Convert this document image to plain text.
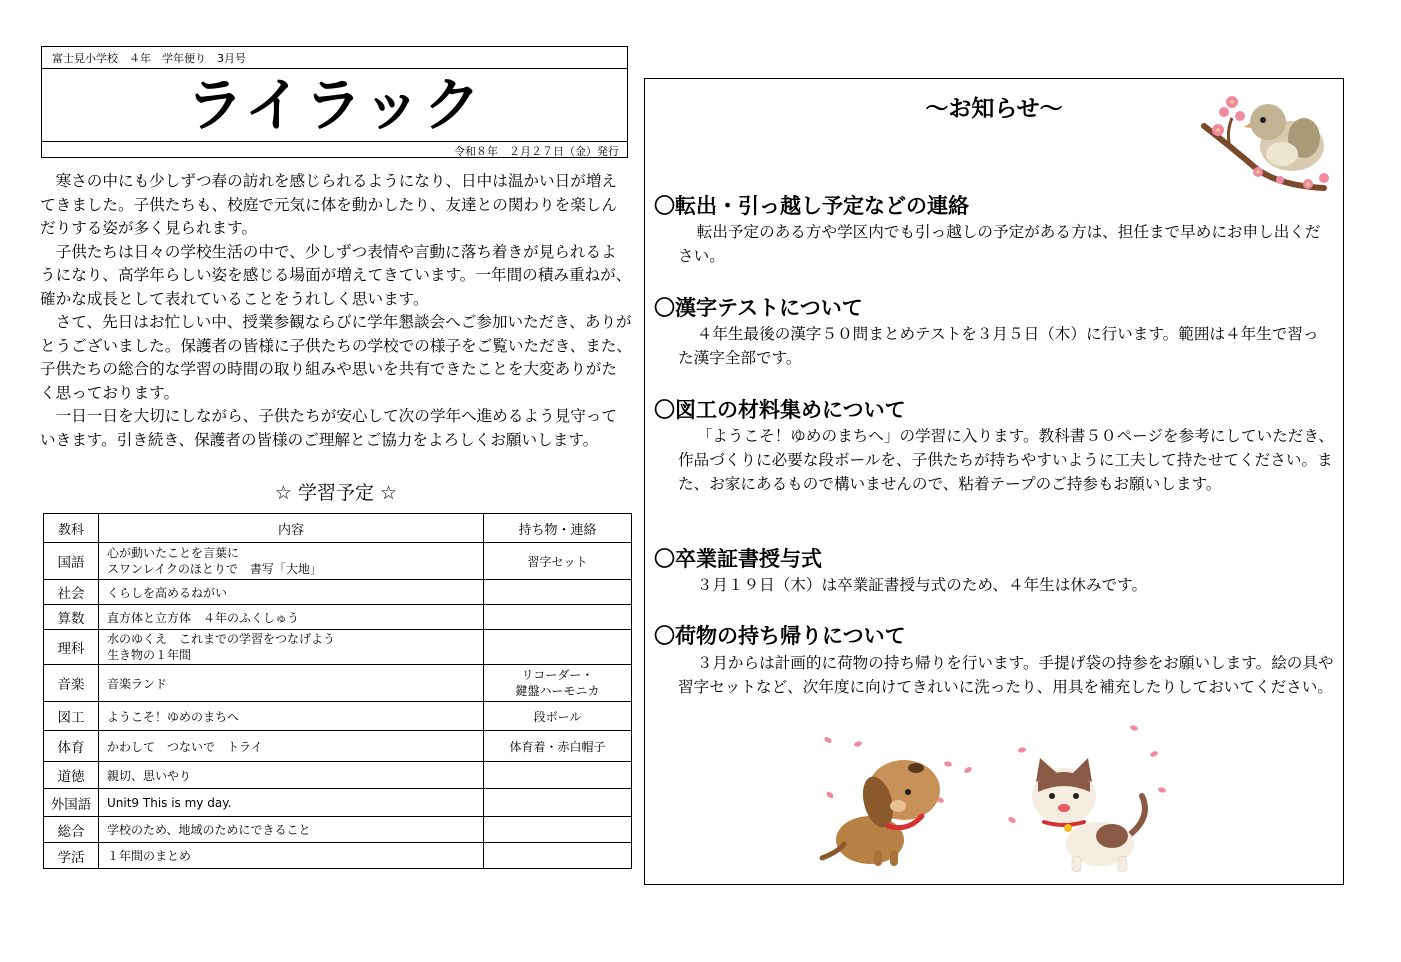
富士見小学校　４年　学年便り　3月号
ライラック
令和８年　２月２７日（金）発行

寒さの中にも少しずつ春の訪れを感じられるようになり、日中は温かい日が増えてきました。子供たちも、校庭で元気に体を動かしたり、友達との関わりを楽しんだりする姿が多く見られます。

子供たちは日々の学校生活の中で、少しずつ表情や言動に落ち着きが見られるようになり、高学年らしい姿を感じる場面が増えてきています。一年間の積み重ねが、確かな成長として表れていることをうれしく思います。

さて、先日はお忙しい中、授業参観ならびに学年懇談会へご参加いただき、ありがとうございました。保護者の皆様に子供たちの学校での様子をご覧いただき、また、子供たちの総合的な学習の時間の取り組みや思いを共有できたことを大変ありがたく思っております。

一日一日を大切にしながら、子供たちが安心して次の学年へ進めるよう見守っていきます。引き続き、保護者の皆様のご理解とご協力をよろしくお願いします。

☆ 学習予定 ☆
教科	内容	持ち物・連絡
国語	心が動いたことを言葉に
スワンレイクのほとりで　書写「大地」	習字セット
社会	くらしを高めるねがい	
算数	直方体と立方体　４年のふくしゅう	
理科	水のゆくえ　これまでの学習をつなげよう
生き物の１年間	
音楽	音楽ランド	リコーダー・
鍵盤ハーモニカ
図工	ようこそ！ゆめのまちへ	段ボール
体育	かわして　つないで　トライ	体育着・赤白帽子
道徳	親切、思いやり	
外国語	Unit9 This is my day.	
総合	学校のため、地域のためにできること	
学活	１年間のまとめ	
～お知らせ～
〇転出・引っ越し予定などの連絡

転出予定のある方や学区内でも引っ越しの予定がある方は、担任まで早めにお申し出ください。

〇漢字テストについて

４年生最後の漢字５０問まとめテストを３月５日（木）に行います。範囲は４年生で習った漢字全部です。

〇図工の材料集めについて

「ようこそ！ゆめのまちへ」の学習に入ります。教科書５０ページを参考にしていただき、作品づくりに必要な段ボールを、子供たちが持ちやすいように工夫して持たせてください。また、お家にあるもので構いませんので、粘着テープのご持参もお願いします。

〇卒業証書授与式

３月１９日（木）は卒業証書授与式のため、４年生は休みです。

〇荷物の持ち帰りについて

３月からは計画的に荷物の持ち帰りを行います。手提げ袋の持参をお願いします。絵の具や習字セットなど、次年度に向けてきれいに洗ったり、用具を補充したりしておいてください。
